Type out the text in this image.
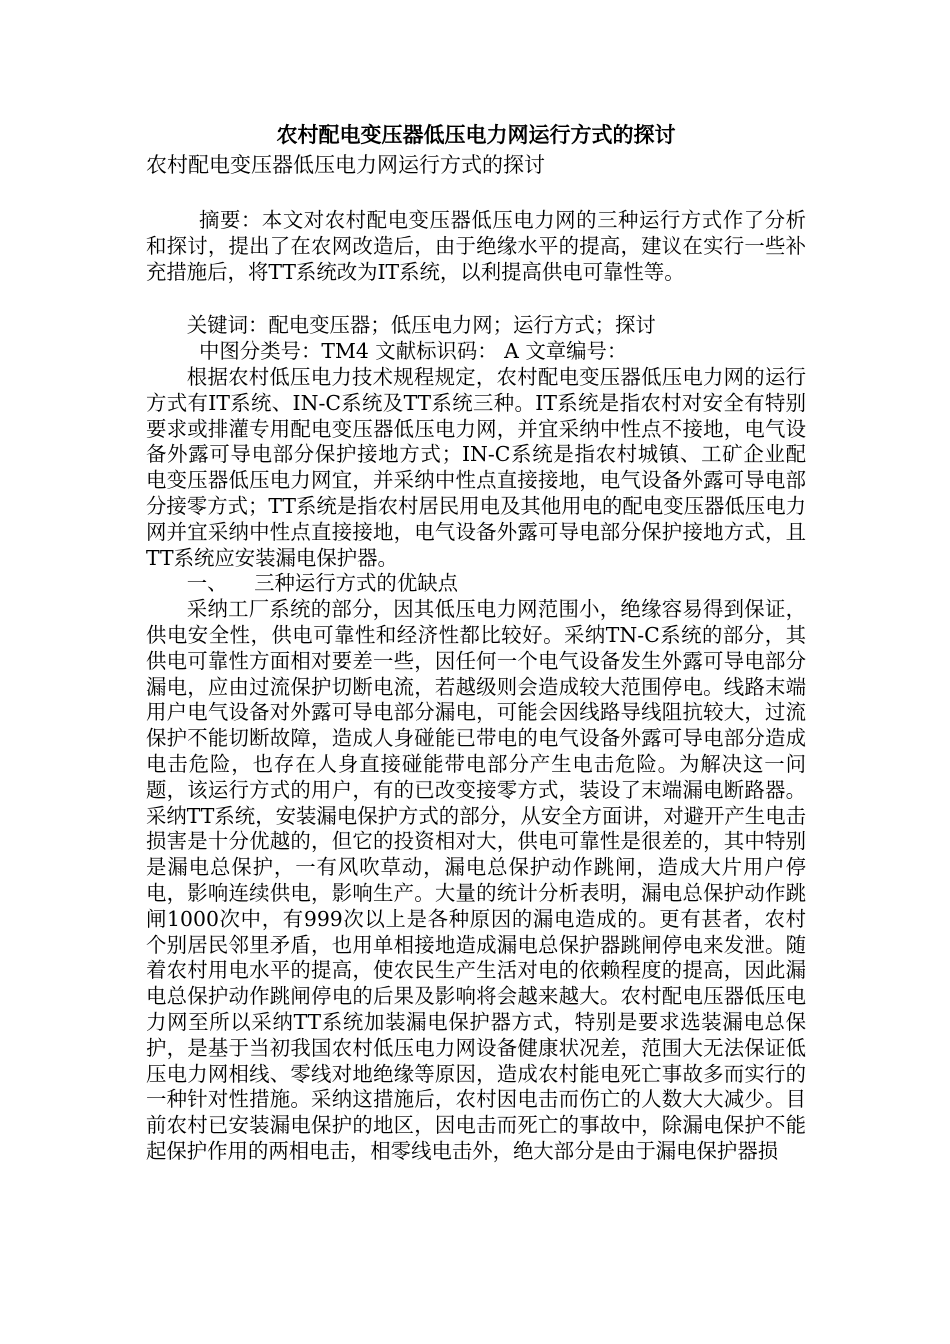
农村配电变压器低压电力网运行方式的探讨

农村配电变压器低压电力网运行方式的探讨

摘要：本文对农村配电变压器低压电力网的三种运行方式作了分析和探讨，提出了在农网改造后，由于绝缘水平的提高，建议在实行一些补充措施后，将TT系统改为IT系统，以利提高供电可靠性等。

关键词：配电变压器；低压电力网；运行方式；探讨

中图分类号：TM4 文献标识码： A 文章编号：

根据农村低压电力技术规程规定，农村配电变压器低压电力网的运行方式有IT系统、IN-C系统及TT系统三种。IT系统是指农村对安全有特别要求或排灌专用配电变压器低压电力网，并宜采纳中性点不接地，电气设备外露可导电部分保护接地方式；IN-C系统是指农村城镇、工矿企业配电变压器低压电力网宜，并采纳中性点直接接地，电气设备外露可导电部分接零方式；TT系统是指农村居民用电及其他用电的配电变压器低压电力网并宜采纳中性点直接接地，电气设备外露可导电部分保护接地方式，且TT系统应安装漏电保护器。

一、 三种运行方式的优缺点

采纳工厂系统的部分，因其低压电力网范围小，绝缘容易得到保证，供电安全性，供电可靠性和经济性都比较好。采纳TN-C系统的部分，其供电可靠性方面相对要差一些，因任何一个电气设备发生外露可导电部分漏电，应由过流保护切断电流，若越级则会造成较大范围停电。线路末端用户电气设备对外露可导电部分漏电，可能会因线路导线阻抗较大，过流保护不能切断故障，造成人身碰能已带电的电气设备外露可导电部分造成电击危险，也存在人身直接碰能带电部分产生电击危险。为解决这一问题，该运行方式的用户，有的已改变接零方式，装设了末端漏电断路器。采纳TT系统，安装漏电保护方式的部分，从安全方面讲，对避开产生电击损害是十分优越的，但它的投资相对大，供电可靠性是很差的，其中特别是漏电总保护，一有风吹草动，漏电总保护动作跳闸，造成大片用户停电，影响连续供电，影响生产。大量的统计分析表明，漏电总保护动作跳闸1000次中，有999次以上是各种原因的漏电造成的。更有甚者，农村个别居民邻里矛盾，也用单相接地造成漏电总保护器跳闸停电来发泄。随着农村用电水平的提高，使农民生产生活对电的依赖程度的提高，因此漏电总保护动作跳闸停电的后果及影响将会越来越大。农村配电压器低压电力网至所以采纳TT系统加装漏电保护器方式，特别是要求选装漏电总保护，是基于当初我国农村低压电力网设备健康状况差，范围大无法保证低压电力网相线、零线对地绝缘等原因，造成农村能电死亡事故多而实行的一种针对性措施。采纳这措施后，农村因电击而伤亡的人数大大减少。目前农村已安装漏电保护的地区，因电击而死亡的事故中，除漏电保护不能起保护作用的两相电击，相零线电击外，绝大部分是由于漏电保护器损
